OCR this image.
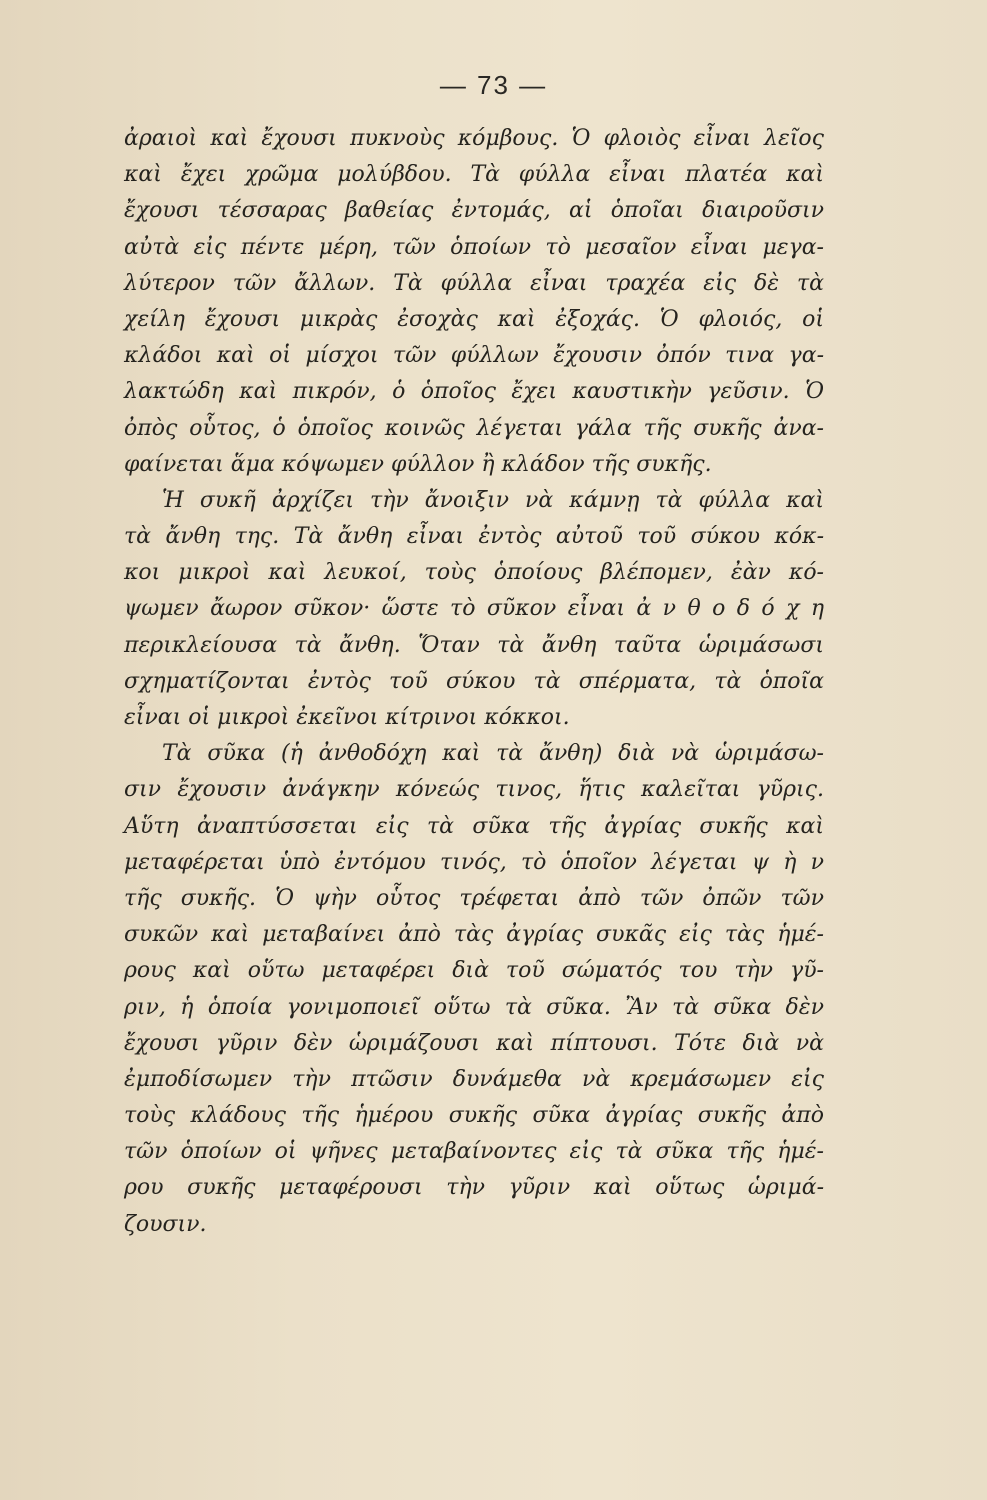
— 73 —
ἀραιοὶ καὶ ἔχουσι πυκνοὺς κόμβους. Ὁ φλοιὸς εἶναι λεῖος
καὶ ἔχει χρῶμα μολύβδου. Τὰ φύλλα εἶναι πλατέα καὶ
ἔχουσι τέσσαρας βαθείας ἐντομάς, αἱ ὁποῖαι διαιροῦσιν
αὐτὰ εἰς πέντε μέρη, τῶν ὁποίων τὸ μεσαῖον εἶναι μεγα-
λύτερον τῶν ἄλλων. Τὰ φύλλα εἶναι τραχέα εἰς δὲ τὰ
χείλη ἔχουσι μικρὰς ἐσοχὰς καὶ ἐξοχάς. Ὁ φλοιός, οἱ
κλάδοι καὶ οἱ μίσχοι τῶν φύλλων ἔχουσιν ὀπόν τινα γα-
λακτώδη καὶ πικρόν, ὁ ὁποῖος ἔχει καυστικὴν γεῦσιν. Ὁ
ὀπὸς οὗτος, ὁ ὁποῖος κοινῶς λέγεται γάλα τῆς συκῆς ἀνα-
φαίνεται ἅμα κόψωμεν φύλλον ἢ κλάδον τῆς συκῆς.
Ἡ συκῆ ἀρχίζει τὴν ἄνοιξιν νὰ κάμνῃ τὰ φύλλα καὶ
τὰ ἄνθη της. Τὰ ἄνθη εἶναι ἐντὸς αὐτοῦ τοῦ σύκου κόκ-
κοι μικροὶ καὶ λευκοί, τοὺς ὁποίους βλέπομεν, ἐὰν κό-
ψωμεν ἄωρον σῦκον· ὥστε τὸ σῦκον εἶναι ἀ ν θ ο δ ό χ η
περικλείουσα τὰ ἄνθη. Ὅταν τὰ ἄνθη ταῦτα ὡριμάσωσι
σχηματίζονται ἐντὸς τοῦ σύκου τὰ σπέρματα, τὰ ὁποῖα
εἶναι οἱ μικροὶ ἐκεῖνοι κίτρινοι κόκκοι.
Τὰ σῦκα (ἡ ἀνθοδόχη καὶ τὰ ἄνθη) διὰ νὰ ὡριμάσω-
σιν ἔχουσιν ἀνάγκην κόνεώς τινος, ἥτις καλεῖται γῦρις.
Αὕτη ἀναπτύσσεται εἰς τὰ σῦκα τῆς ἀγρίας συκῆς καὶ
μεταφέρεται ὑπὸ ἐντόμου τινός, τὸ ὁποῖον λέγεται ψ ὴ ν
τῆς συκῆς. Ὁ ψὴν οὗτος τρέφεται ἀπὸ τῶν ὀπῶν τῶν
συκῶν καὶ μεταβαίνει ἀπὸ τὰς ἀγρίας συκᾶς εἰς τὰς ἡμέ-
ρους καὶ οὕτω μεταφέρει διὰ τοῦ σώματός του τὴν γῦ-
ριν, ἡ ὁποία γονιμοποιεῖ οὕτω τὰ σῦκα. Ἂν τὰ σῦκα δὲν
ἔχουσι γῦριν δὲν ὡριμάζουσι καὶ πίπτουσι. Τότε διὰ νὰ
ἐμποδίσωμεν τὴν πτῶσιν δυνάμεθα νὰ κρεμάσωμεν εἰς
τοὺς κλάδους τῆς ἡμέρου συκῆς σῦκα ἀγρίας συκῆς ἀπὸ
τῶν ὁποίων οἱ ψῆνες μεταβαίνοντες εἰς τὰ σῦκα τῆς ἡμέ-
ρου συκῆς μεταφέρουσι τὴν γῦριν καὶ οὕτως ὡριμά-
ζουσιν.
